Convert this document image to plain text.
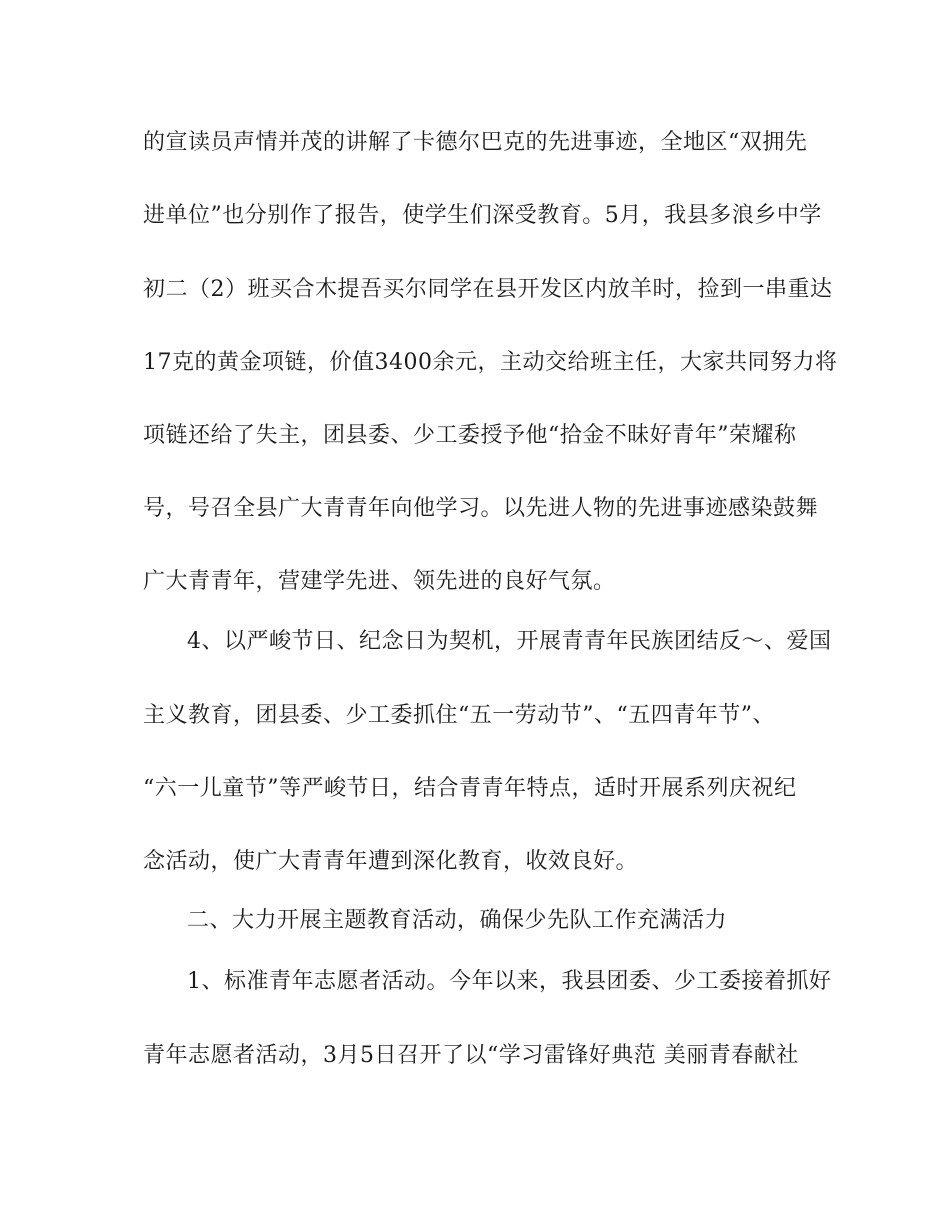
的宣读员声情并茂的讲解了卡德尔巴克的先进事迹，全地区“双拥先
进单位”也分别作了报告，使学生们深受教育。5月，我县多浪乡中学
初二（2）班买合木提吾买尔同学在县开发区内放羊时，捡到一串重达
17克的黄金项链，价值3400余元，主动交给班主任，大家共同努力将
项链还给了失主，团县委、少工委授予他“拾金不昧好青年”荣耀称
号，号召全县广大青青年向他学习。以先进人物的先进事迹感染鼓舞
广大青青年，营建学先进、领先进的良好气氛。
4、以严峻节日、纪念日为契机，开展青青年民族团结反～、爱国
主义教育，团县委、少工委抓住“五一劳动节”、“五四青年节”、
“六一儿童节”等严峻节日，结合青青年特点，适时开展系列庆祝纪
念活动，使广大青青年遭到深化教育，收效良好。
二、大力开展主题教育活动，确保少先队工作充满活力
1、标准青年志愿者活动。今年以来，我县团委、少工委接着抓好
青年志愿者活动，3月5日召开了以“学习雷锋好典范 美丽青春献社
